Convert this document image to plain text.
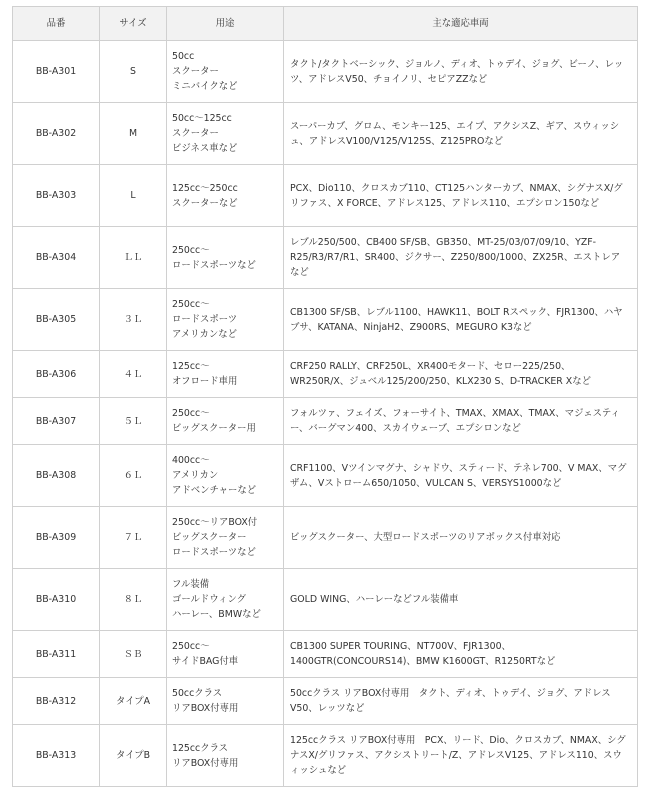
品番	サイズ	用途	主な適応車両
BB-A301	S	50cc
スクーター
ミニバイクなど	タクト/タクトベーシック、ジョルノ、ディオ、トゥデイ、ジョグ、ビーノ、レッツ、アドレスV50、チョイノリ、セピアZZなど
BB-A302	M	50cc〜125cc
スクーター
ビジネス車など	スーパーカブ、グロム、モンキー125、エイプ、アクシスZ、ギア、スウィッシュ、アドレスV100/V125/V125S、Z125PROなど
BB-A303	L	125cc〜250cc
スクーターなど	PCX、Dio110、クロスカブ110、CT125ハンターカブ、NMAX、シグナスX/グリファス、X FORCE、アドレス125、アドレス110、エプシロン150など
BB-A304	ＬＬ	250cc〜
ロードスポーツなど	レブル250/500、CB400 SF/SB、GB350、MT-25/03/07/09/10、YZF-R25/R3/R7/R1、SR400、ジクサー、Z250/800/1000、ZX25R、エストレアなど
BB-A305	３Ｌ	250cc〜
ロードスポーツ
アメリカンなど	CB1300 SF/SB、レブル1100、HAWK11、BOLT Rスペック、FJR1300、ハヤブサ、KATANA、NinjaH2、Z900RS、MEGURO K3など
BB-A306	４Ｌ	125cc〜
オフロード車用	CRF250 RALLY、CRF250L、XR400モタード、セロー225/250、WR250R/X、ジュベル125/200/250、KLX230 S、D-TRACKER Xなど
BB-A307	５Ｌ	250cc〜
ビッグスクーター用	フォルツァ、フェイズ、フォーサイト、TMAX、XMAX、TMAX、マジェスティー、バーグマン400、スカイウェーブ、エプシロンなど
BB-A308	６Ｌ	400cc〜
アメリカン
アドベンチャーなど	CRF1100、Vツインマグナ、シャドウ、スティード、テネレ700、V MAX、マグザム、Vストローム650/1050、VULCAN S、VERSYS1000など
BB-A309	７Ｌ	250cc〜リアBOX付
ビッグスクーター
ロードスポーツなど	ビッグスクーター、大型ロードスポーツのリアボックス付車対応
BB-A310	８Ｌ	フル装備
ゴールドウィング
ハーレー、BMWなど	GOLD WING、ハーレーなどフル装備車
BB-A311	ＳＢ	250cc〜
サイドBAG付車	CB1300 SUPER TOURING、NT700V、FJR1300、1400GTR(CONCOURS14)、BMW K1600GT、R1250RTなど
BB-A312	タイプA	50ccクラス
リアBOX付専用	50ccクラス リアBOX付専用　タクト、ディオ、トゥデイ、ジョグ、アドレスV50、レッツなど
BB-A313	タイプB	125ccクラス
リアBOX付専用	125ccクラス リアBOX付専用　PCX、リード、Dio、クロスカブ、NMAX、シグナスX/グリファス、アクシストリート/Z、アドレスV125、アドレス110、スウィッシュなど
